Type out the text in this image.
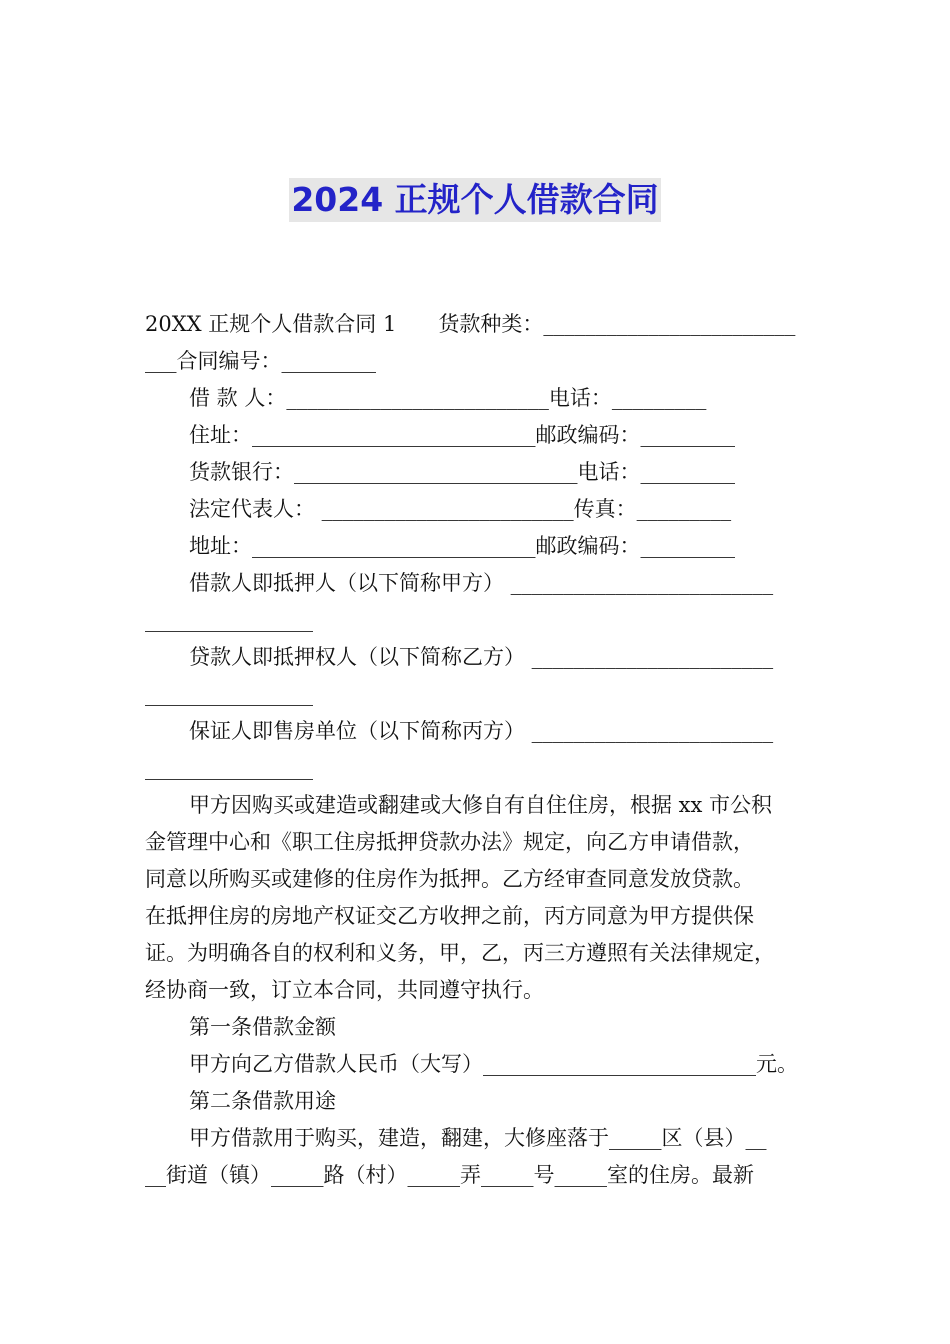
2024 正规个人借款合同
20XX 正规个人借款合同 1　　货款种类：________________________
___合同编号：_________
借 款 人：_________________________电话：_________
住址：___________________________邮政编码：_________
货款银行：___________________________电话：_________
法定代表人： ________________________传真：_________
地址：___________________________邮政编码：_________
借款人即抵押人（以下简称甲方） _________________________
________________
贷款人即抵押权人（以下简称乙方） _______________________
________________
保证人即售房单位（以下简称丙方） _______________________
________________
甲方因购买或建造或翻建或大修自有自住住房，根据 xx 市公积
金管理中心和《职工住房抵押贷款办法》规定，向乙方申请借款，
同意以所购买或建修的住房作为抵押。乙方经审查同意发放贷款。
在抵押住房的房地产权证交乙方收押之前，丙方同意为甲方提供保
证。为明确各自的权利和义务，甲，乙，丙三方遵照有关法律规定，
经协商一致，订立本合同，共同遵守执行。
第一条借款金额
甲方向乙方借款人民币（大写）__________________________元。
第二条借款用途
甲方借款用于购买，建造，翻建，大修座落于_____区（县）__
__街道（镇）_____路（村）_____弄_____号_____室的住房。最新
